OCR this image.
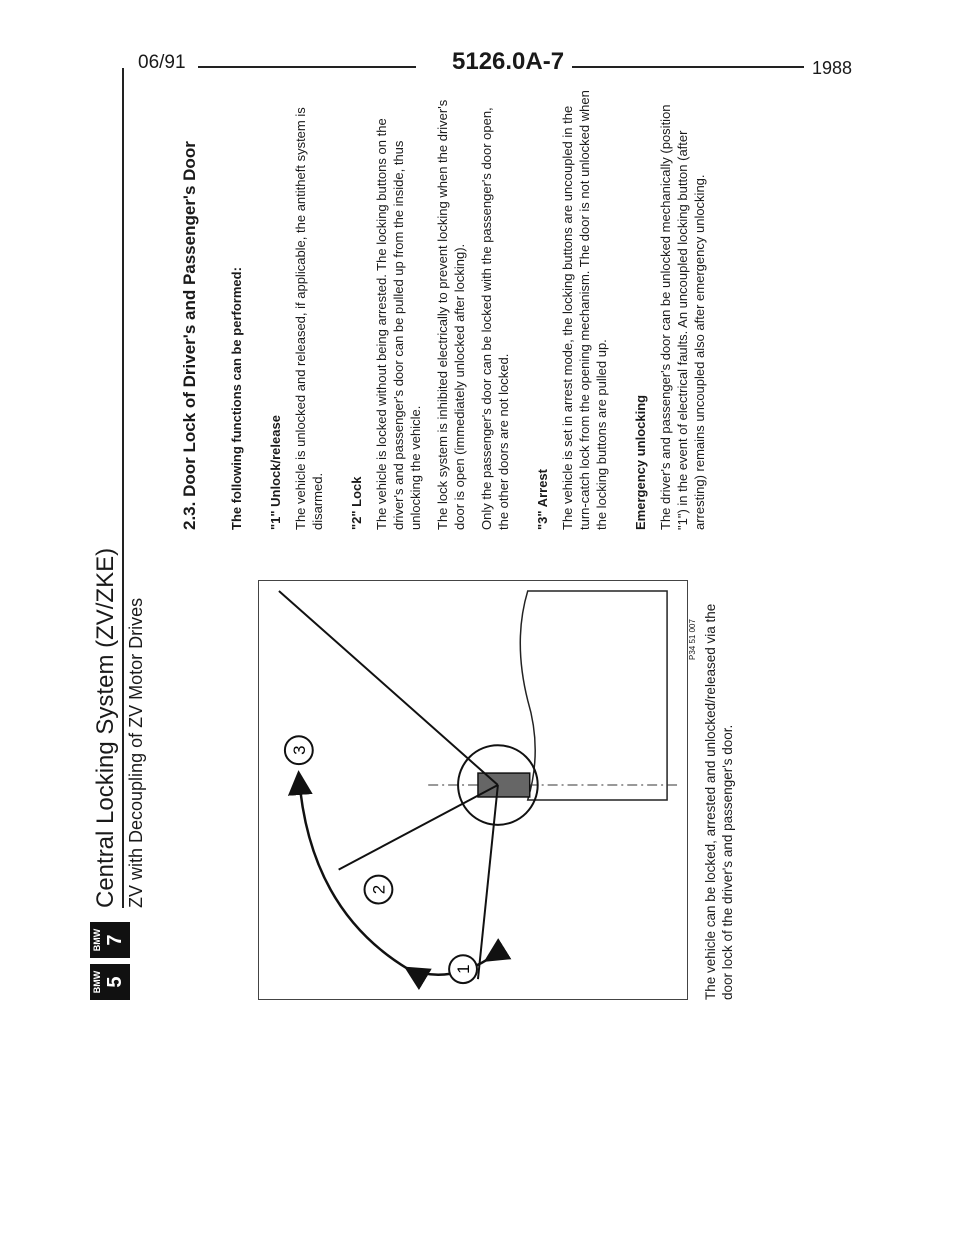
06/91	5126.0A-7	1988
BMW 5
BMW 7
Central Locking System (ZV/ZKE) ZV with Decoupling of ZV Motor Drives
1
2
3
P34 51 007 The vehicle can be locked, arrested and unlocked/released via the door lock of the driver's and passenger's door.
2.3. Door Lock of Driver's and Passenger's Door The following functions can be performed: "1" Unlock/release The vehicle is unlocked and released, if applicable, the antitheft system is disarmed. "2" Lock The vehicle is locked without being arrested. The locking buttons on the driver's and passenger's door can be pulled up from the inside, thus unlocking the vehicle. The lock system is inhibited electrically to prevent locking when the driver's door is open (immediately unlocked after locking). Only the passenger's door can be locked with the passenger's door open, the other doors are not locked. "3" Arrest The vehicle is set in arrest mode, the locking buttons are uncoupled in the turn-catch lock from the opening mechanism. The door is not unlocked when the locking buttons are pulled up. Emergency unlocking The driver's and passenger's door can be unlocked mechanically (position "1") in the event of electrical faults. An uncoupled locking button (after arresting) remains uncoupled also after emergency unlocking.
